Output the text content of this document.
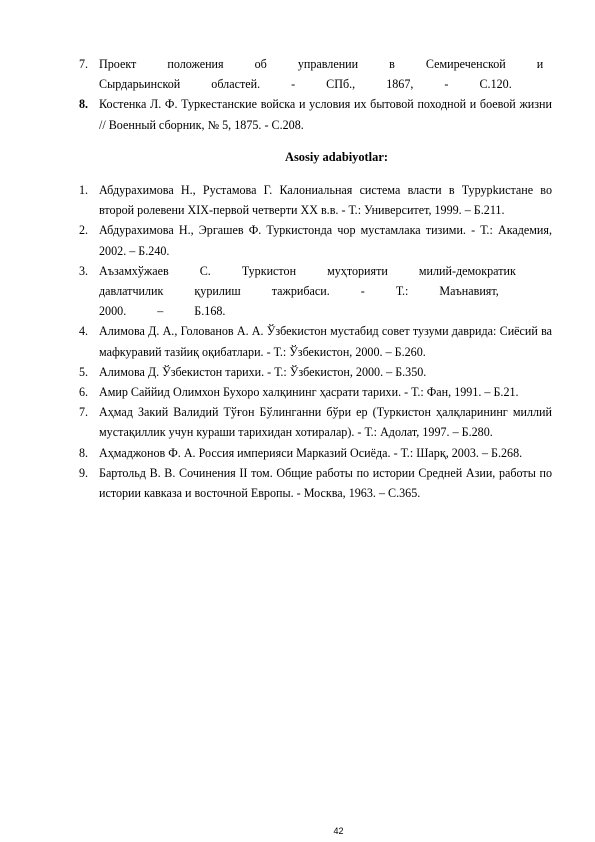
7. Проект положения об управлении в Семиреченской и Сырдарьинской областей. - СПб., 1867, - С.120.
8. Костенка Л. Ф. Туркестанские войска и условия их бытовой походной и боевой жизни // Военный сборник, № 5, 1875. - С.208.
Asosiy adabiyotlar:
1. Абдурахимова Н., Рустамова Г. Калониальная система власти в Турурkистане во второй ролевени XIX-первой четверти XX в.в. - Т.: Университет, 1999. – Б.211.
2. Абдурахимова Н., Эргашев Ф. Туркистонда чор мустамлака тизими. - Т.: Академия, 2002. – Б.240.
3. Аъзамхўжаев С. Туркистон муҳторияти милий-демократик давлатчилик қурилиш тажрибаси. - Т.: Маънавият, 2000. – Б.168.
4. Алимова Д. А., Голованов А. А. Ўзбекистон мустабид совет тузуми даврида: Сиёсий ва мафкуравий тазйиқ оқибатлари. - Т.: Ўзбекистон, 2000. – Б.260.
5. Алимова Д. Ўзбекистон тарихи. - Т.: Ўзбекистон, 2000. – Б.350.
6. Амир Саййид Олимхон Бухоро халқининг ҳасрати тарихи. - Т.: Фан, 1991. – Б.21.
7. Аҳмад Закий Валидий Тўғон Бўлинганни бўри ер (Туркистон ҳалқларининг миллий мустақиллик учун кураши тарихидан хотиралар). - Т.: Адолат, 1997. – Б.280.
8. Аҳмаджонов Ф. А. Россия империяси Марказий Осиёда. - Т.: Шарқ, 2003. – Б.268.
9. Бартольд В. В. Сочинения II том. Общие работы по истории Средней Азии, работы по истории кавказа и восточной Европы. - Москва, 1963. – С.365.
42
